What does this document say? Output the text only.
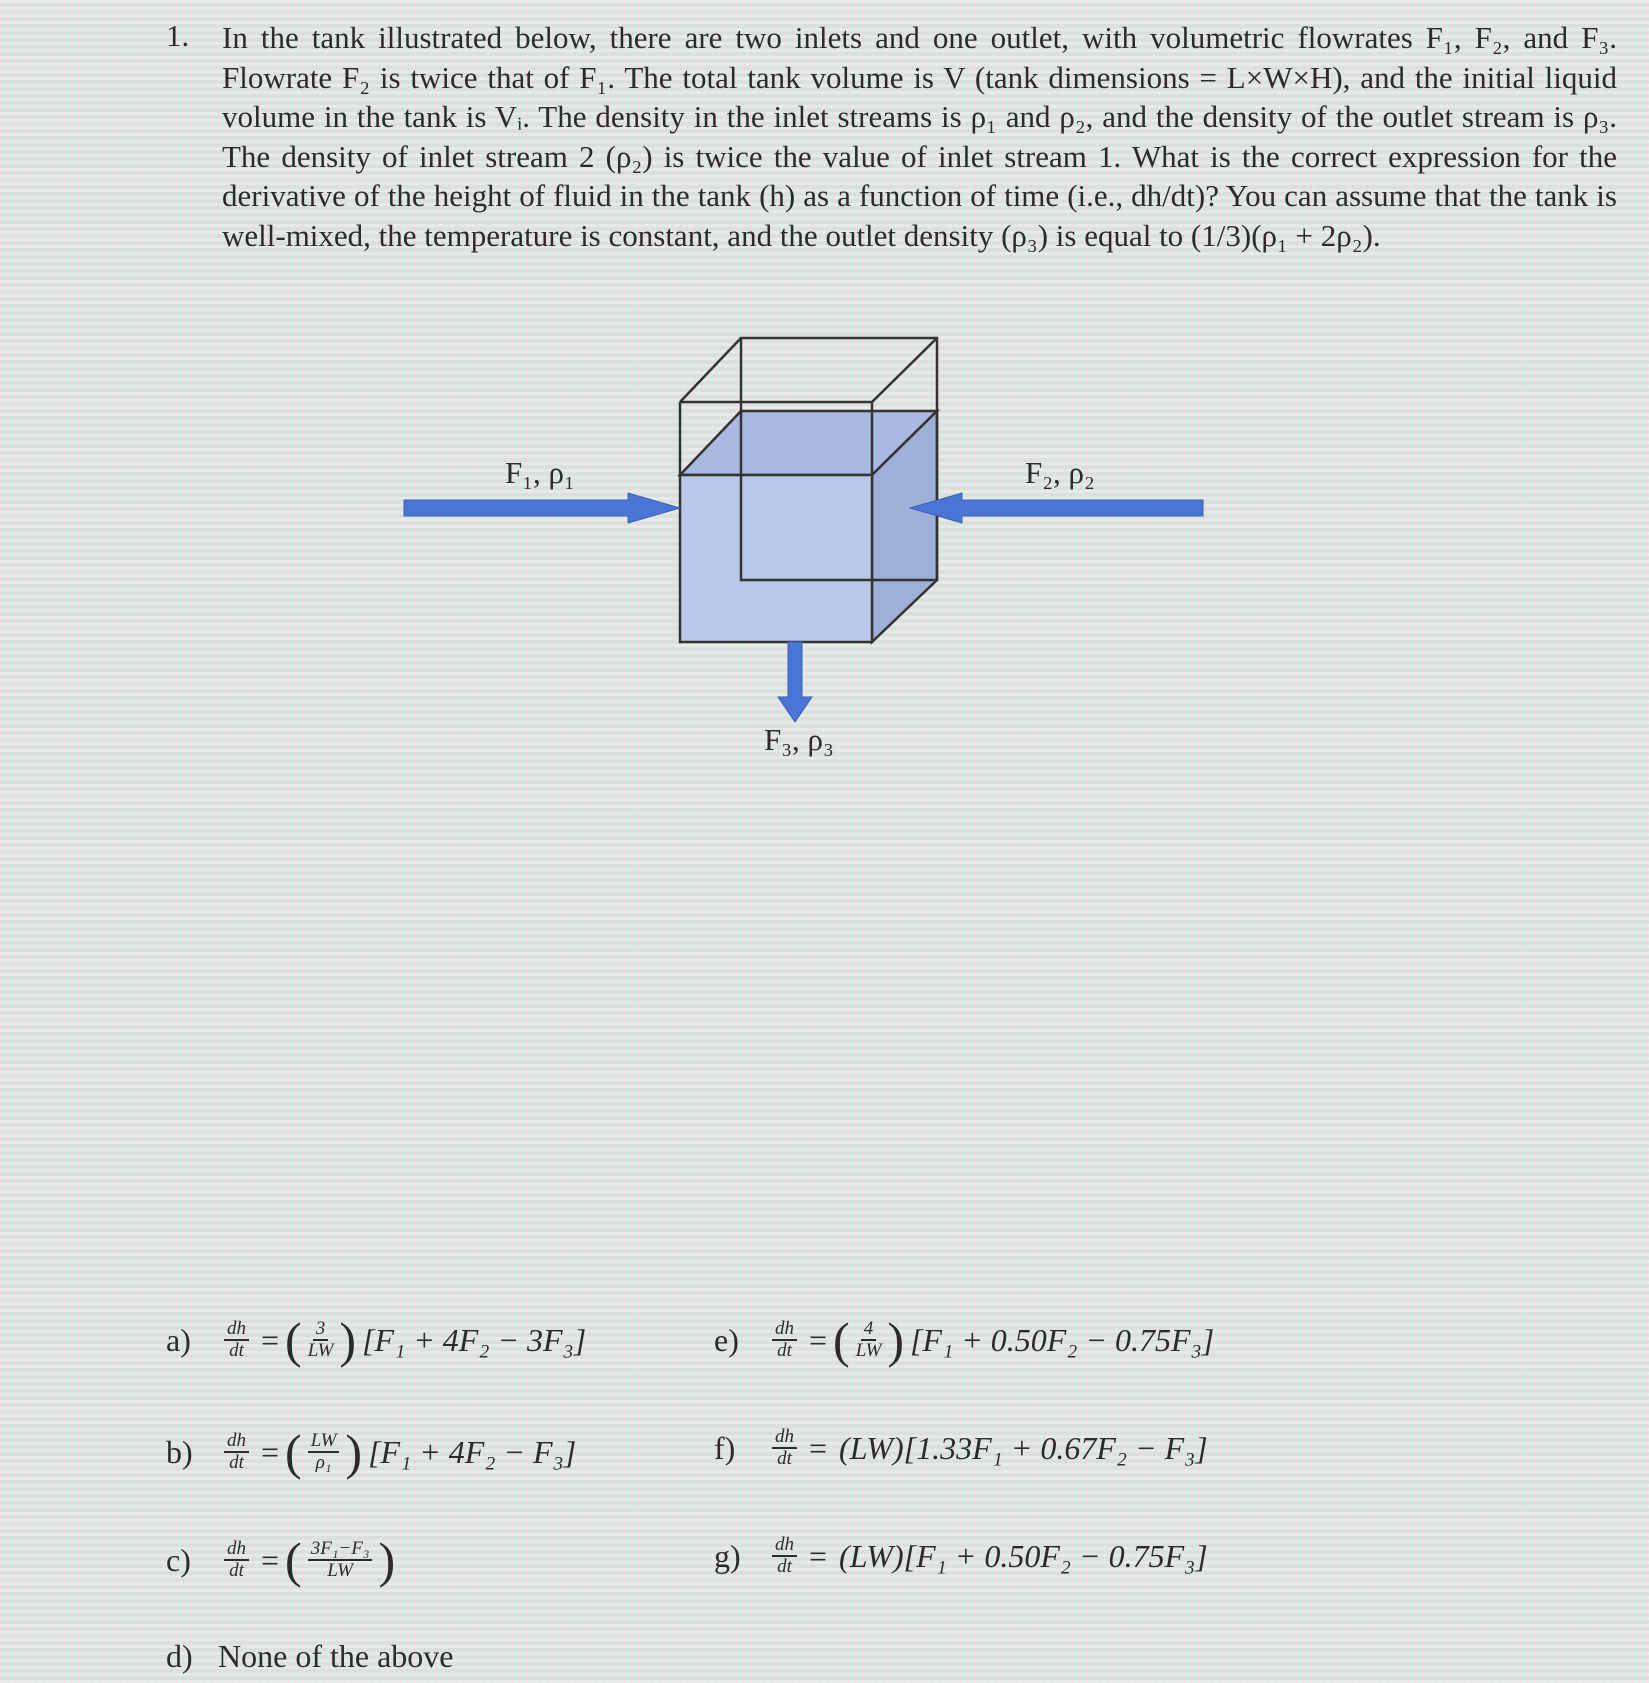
1. In the tank illustrated below, there are two inlets and one outlet, with volumetric flowrates F₁, F₂, and F₃. Flowrate F₂ is twice that of F₁. The total tank volume is V (tank dimensions = L×W×H), and the initial liquid volume in the tank is Vᵢ. The density in the inlet streams is ρ₁ and ρ₂, and the density of the outlet stream is ρ₃. The density of inlet stream 2 (ρ₂) is twice the value of inlet stream 1. What is the correct expression for the derivative of the height of fluid in the tank (h) as a function of time (i.e., dh/dt)? You can assume that the tank is well-mixed, the temperature is constant, and the outlet density (ρ₃) is equal to (1/3)(ρ₁ + 2ρ₂).
F₁, ρ₁	F₂, ρ₂
F₃, ρ₃
a)	$\frac{dh}{dt}$ = ( $\frac{3}{LW}$ ) [F₁ + 4F₂ − 3F₃]
b)	$\frac{dh}{dt}$ = ( $\frac{LW}{\text{ρ₁}}$ ) [F₁ + 4F₂ − F₃]
c)	$\frac{dh}{dt}$ = ( $\frac{\text{3F₁−F₃}}{LW}$ )
d) None of the above
e)	$\frac{dh}{dt}$ = ( $\frac{4}{LW}$ ) [F₁ + 0.50F₂ − 0.75F₃]
f)	$\frac{dh}{dt} = (LW)[1.33F_1 + 0.67F_2 - F_3]$
g)	$\frac{dh}{dt} = (LW)[F_1 + 0.50F_2 - 0.75F_3]$
